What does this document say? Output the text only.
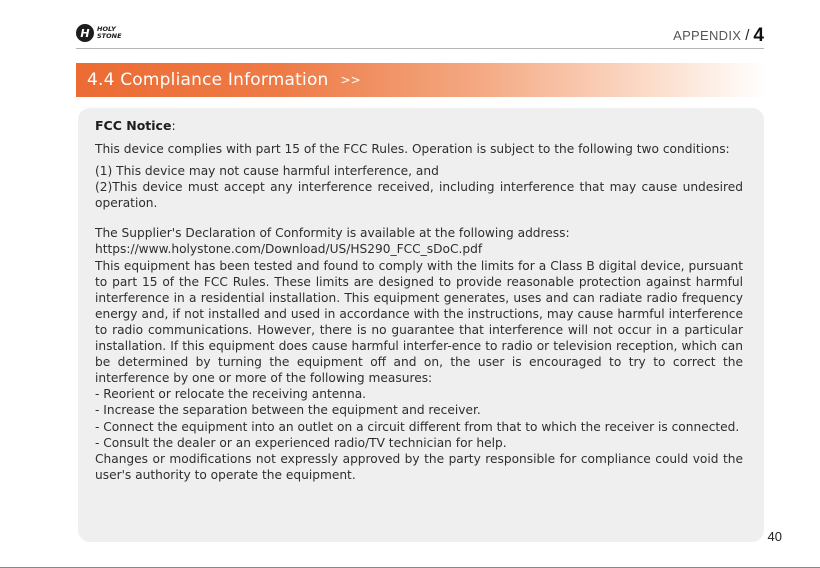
H	HOLY
STONE	APPENDIX / 4
4.4 Compliance Information >>
FCC Notice:

This device complies with part 15 of the FCC Rules. Operation is subject to the following two conditions:

(1) This device may not cause harmful interference, and

(2)This device must accept any interference received, including interference that may cause undesired operation.

The Supplier's Declaration of Conformity is available at the following address:

https://www.holystone.com/Download/US/HS290_FCC_sDoC.pdf

This equipment has been tested and found to comply with the limits for a Class B digital device, pursuant to part 15 of the FCC Rules. These limits are designed to provide reasonable protection against harmful interference in a residential installation. This equipment generates, uses and can radiate radio frequency energy and, if not installed and used in accordance with the instructions, may cause harmful interference to radio communications. However, there is no guarantee that interference will not occur in a particular installation. If this equipment does cause harmful interfer-ence to radio or television reception, which can be determined by turning the equipment off and on, the user is encouraged to try to correct the interference by one or more of the following measures:

- Reorient or relocate the receiving antenna.

- Increase the separation between the equipment and receiver.

- Connect the equipment into an outlet on a circuit different from that to which the receiver is connected.

- Consult the dealer or an experienced radio/TV technician for help.

Changes or modifications not expressly approved by the party responsible for compliance could void the user's authority to operate the equipment.

40
